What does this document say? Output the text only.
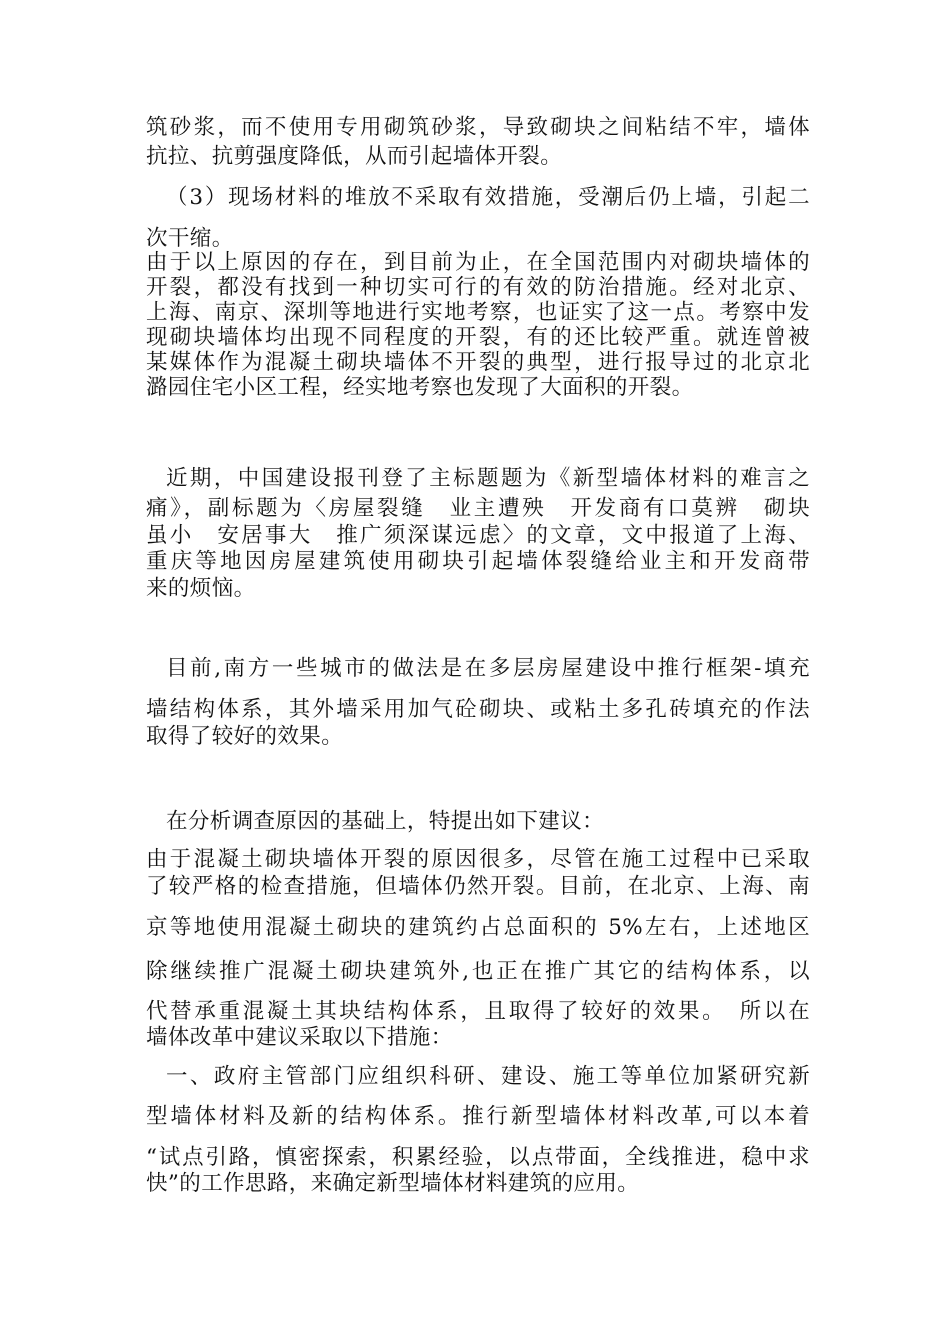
筑砂浆，而不使用专用砌筑砂浆，导致砌块之间粘结不牢，墙体
抗拉、抗剪强度降低，从而引起墙体开裂。
（3）现场材料的堆放不采取有效措施，受潮后仍上墙，引起二
次干缩。
由于以上原因的存在，到目前为止，在全国范围内对砌块墙体的
开裂，都没有找到一种切实可行的有效的防治措施。经对北京、
上海、南京、深圳等地进行实地考察，也证实了这一点。考察中发
现砌块墙体均出现不同程度的开裂，有的还比较严重。就连曾被
某媒体作为混凝土砌块墙体不开裂的典型，进行报导过的北京北
潞园住宅小区工程，经实地考察也发现了大面积的开裂。
近期，中国建设报刊登了主标题题为《新型墙体材料的难言之
痛》，副标题为〈房屋裂缝　业主遭殃　开发商有口莫辨　砌块
虽小　安居事大　推广须深谋远虑〉的文章，文中报道了上海、
重庆等地因房屋建筑使用砌块引起墙体裂缝给业主和开发商带
来的烦恼。
目前,南方一些城市的做法是在多层房屋建设中推行框架-填充
墙结构体系，其外墙采用加气砼砌块、或粘土多孔砖填充的作法
取得了较好的效果。
在分析调查原因的基础上，特提出如下建议：
由于混凝土砌块墙体开裂的原因很多，尽管在施工过程中已采取
了较严格的检查措施，但墙体仍然开裂。目前，在北京、上海、南
京等地使用混凝土砌块的建筑约占总面积的 5%左右，上述地区
除继续推广混凝土砌块建筑外,也正在推广其它的结构体系，以
代替承重混凝土其块结构体系，且取得了较好的效果。　所以在
墙体改革中建议采取以下措施：
一、政府主管部门应组织科研、建设、施工等单位加紧研究新
型墙体材料及新的结构体系。推行新型墙体材料改革,可以本着
“试点引路，慎密探索，积累经验，以点带面，全线推进，稳中求
快”的工作思路，来确定新型墙体材料建筑的应用。
